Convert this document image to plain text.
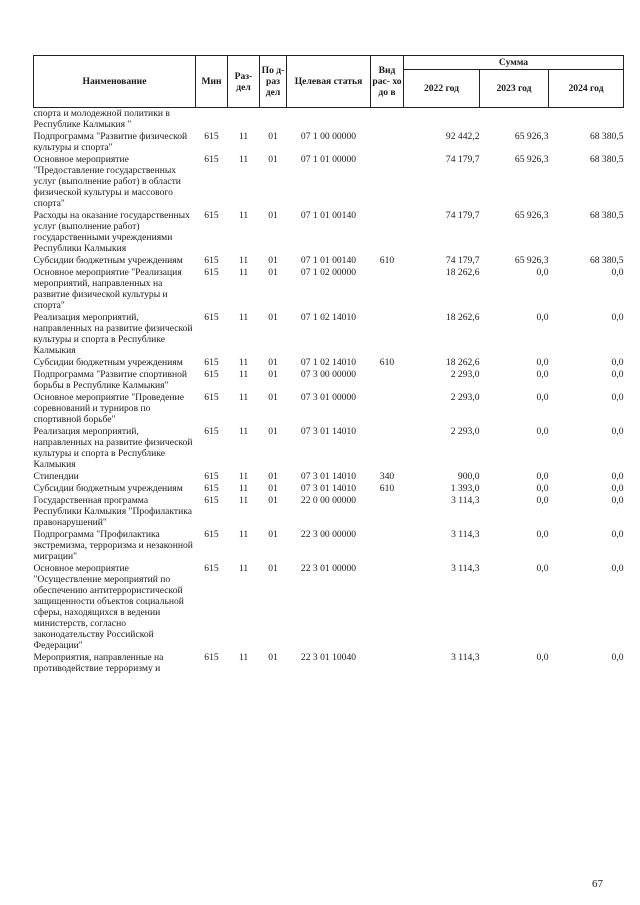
Наименование	Мин	Раз-дел	По д- раз дел	Целевая статья	Вид рас- хо до в	Сумма		
						2022 год	2023 год	2024 год
спорта и молодежной политики в Республике Калмыкия "								
Подпрограмма "Развитие физической культуры и спорта"	615	11	01	07 1 00 00000		92 442,2	65 926,3	68 380,5
Основное мероприятие "Предоставление государственных услуг (выполнение работ) в области физической культуры и массового спорта"	615	11	01	07 1 01 00000		74 179,7	65 926,3	68 380,5
Расходы на оказание государственных услуг (выполнение работ) государственными учреждениями Республики Калмыкия	615	11	01	07 1 01 00140		74 179,7	65 926,3	68 380,5
Субсидии бюджетным учреждениям	615	11	01	07 1 01 00140	610	74 179,7	65 926,3	68 380,5
Основное мероприятие "Реализация мероприятий, направленных на развитие физической культуры и спорта"	615	11	01	07 1 02 00000		18 262,6	0,0	0,0
Реализация мероприятий, направленных на развитие физической культуры и спорта в Республике Калмыкия	615	11	01	07 1 02 14010		18 262,6	0,0	0,0
Субсидии бюджетным учреждениям	615	11	01	07 1 02 14010	610	18 262,6	0,0	0,0
Подпрограмма "Развитие спортивной борьбы в Республике Калмыкия"	615	11	01	07 3 00 00000		2 293,0	0,0	0,0
Основное мероприятие "Проведение соревнований и турниров по спортивной борьбе"	615	11	01	07 3 01 00000		2 293,0	0,0	0,0
Реализация мероприятий, направленных на развитие физической культуры и спорта в Республике Калмыкия	615	11	01	07 3 01 14010		2 293,0	0,0	0,0
Стипендии	615	11	01	07 3 01 14010	340	900,0	0,0	0,0
Субсидии бюджетным учреждениям	615	11	01	07 3 01 14010	610	1 393,0	0,0	0,0
Государственная программа Республики Калмыкия "Профилактика правонарушений"	615	11	01	22 0 00 00000		3 114,3	0,0	0,0
Подпрограмма "Профилактика экстремизма, терроризма и незаконной миграции"	615	11	01	22 3 00 00000		3 114,3	0,0	0,0
Основное мероприятие "Осуществление мероприятий по обеспечению антитеррористической защищенности объектов социальной сферы, находящихся в ведении министерств, согласно законодательству Российской Федерации"	615	11	01	22 3 01 00000		3 114,3	0,0	0,0
Мероприятия, направленные на противодействие терроризму и	615	11	01	22 3 01 10040		3 114,3	0,0	0,0
67
